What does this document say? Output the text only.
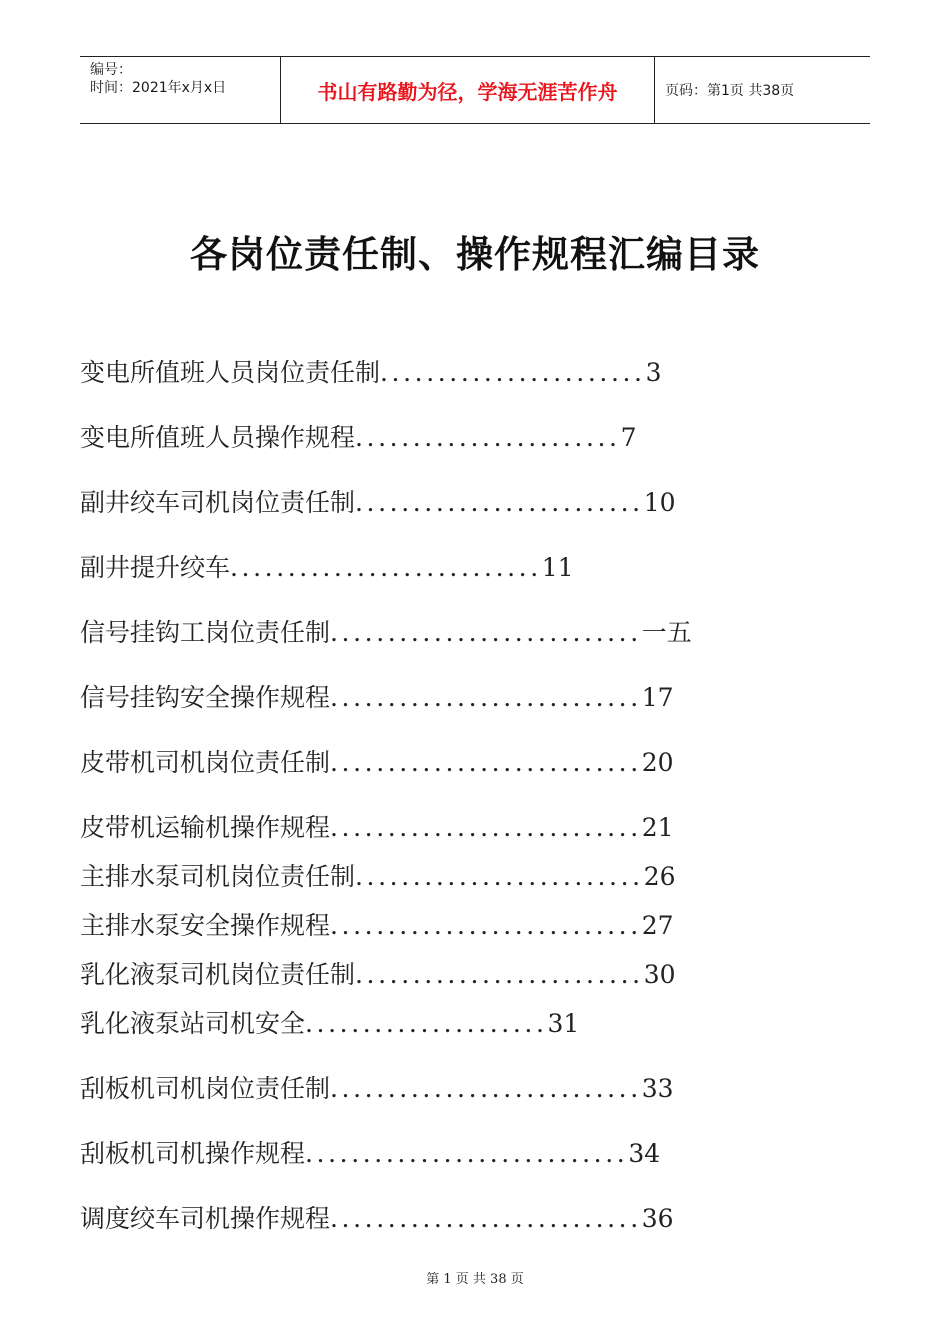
编号：
时间：2021年x月x日	书山有路勤为径，学海无涯苦作舟	页码：第1页 共38页
各岗位责任制、操作规程汇编目录
变电所值班人员岗位责任制.......................3
变电所值班人员操作规程.......................7
副井绞车司机岗位责任制.........................10
副井提升绞车...........................11
信号挂钩工岗位责任制...........................一五
信号挂钩安全操作规程...........................17
皮带机司机岗位责任制...........................20
皮带机运输机操作规程...........................21
主排水泵司机岗位责任制.........................26
主排水泵安全操作规程...........................27
乳化液泵司机岗位责任制.........................30
乳化液泵站司机安全.....................31
刮板机司机岗位责任制...........................33
刮板机司机操作规程............................34
调度绞车司机操作规程...........................36
第 1 页 共 38 页
